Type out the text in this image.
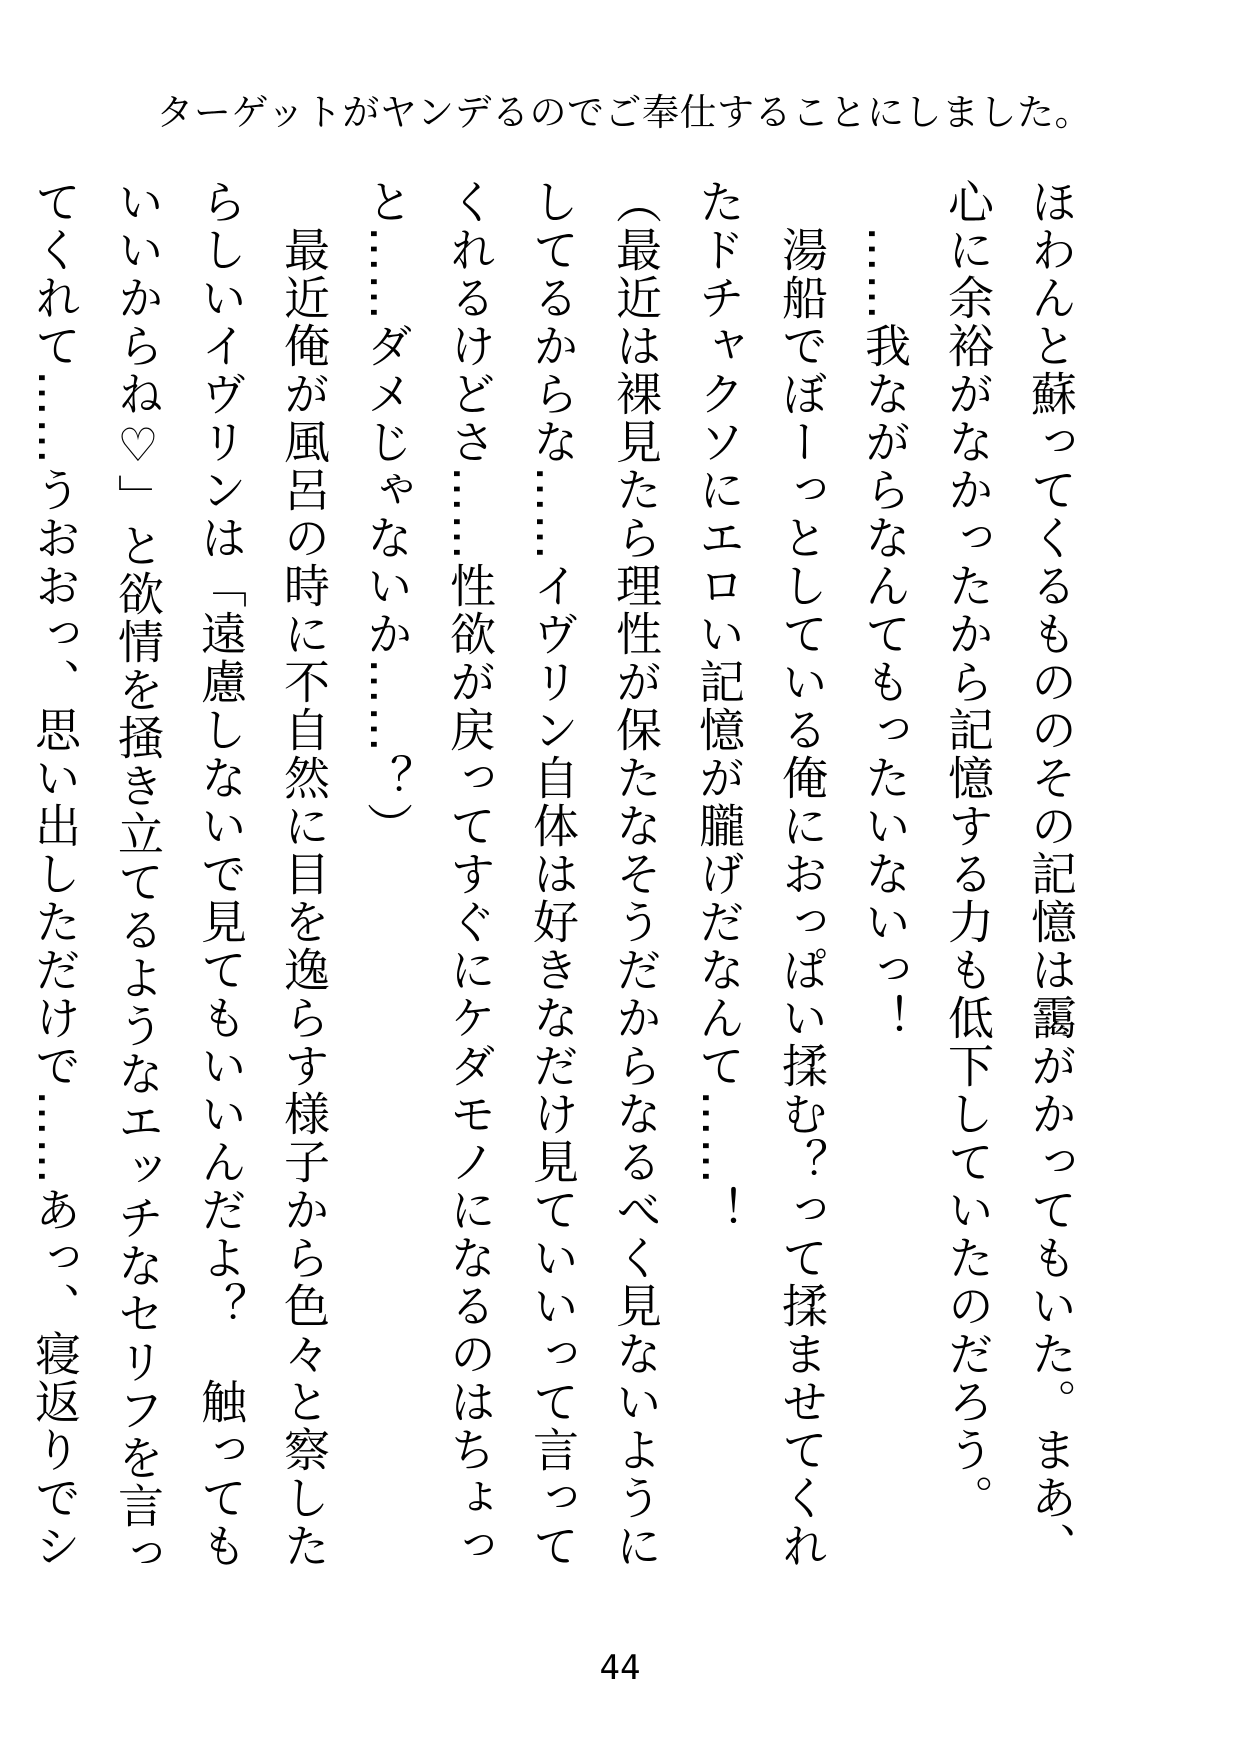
ターゲットがヤンデるのでご奉仕することにしました。

ほわんと蘇ってくるもののその記憶は靄がかってもいた。まあ、心に余裕がなかったから記憶する力も低下していたのだろう。

　……我ながらなんてもったいないっ！

　湯船でぼーっとしている俺におっぱい揉む？って揉ませてくれたドチャクソにエロい記憶が朧げだなんて……！

（最近は裸見たら理性が保たなそうだからなるべく見ないようにしてるからな……イヴリン自体は好きなだけ見ていいって言ってくれるけどさ……性欲が戻ってすぐにケダモノになるのはちょっと……ダメじゃないか……？）

　最近俺が風呂の時に不自然に目を逸らす様子から色々と察したらしいイヴリンは「遠慮しないで見てもいいんだよ？　触ってもいいからね♡」と欲情を掻き立てるようなエッチなセリフを言ってくれて……うおおっ、思い出しただけで……あっ、寝返りでシ

44
